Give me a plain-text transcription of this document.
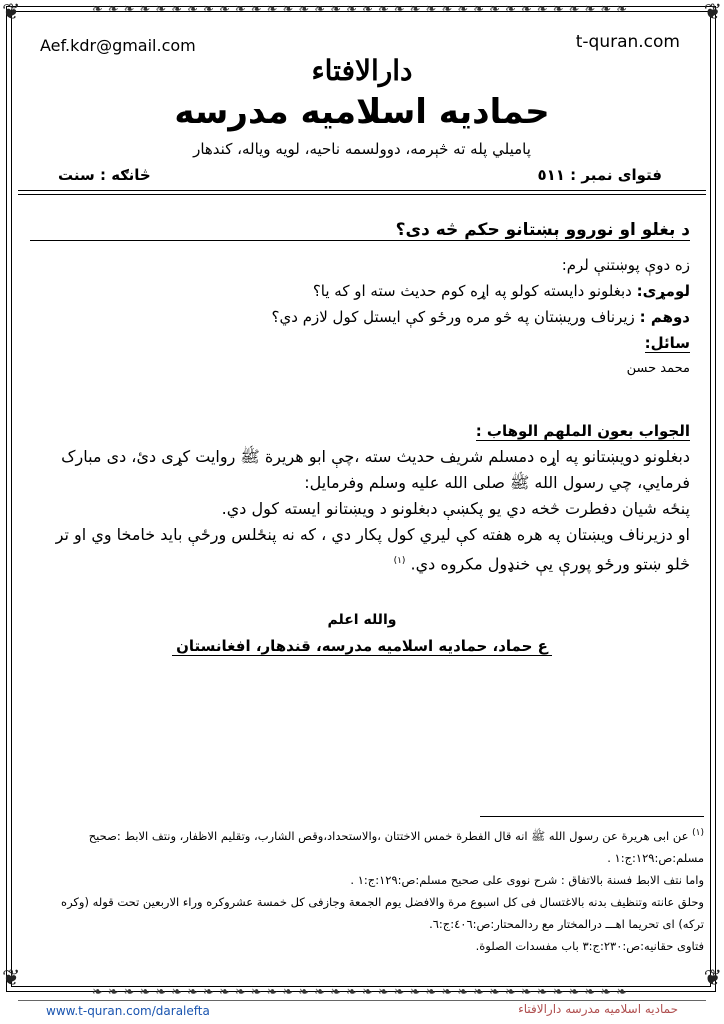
❦	❦
❦	❦
❧❧❧❧❧❧❧❧❧❧❧❧❧❧❧❧❧❧❧❧❧❧❧❧❧❧❧❧❧❧❧❧❧❧
Aef.kdr@gmail.com	t-quran.com
دارالافتاء
حمادیه اسلامیه مدرسه
پامیلي پله ته څېرمه، دوولسمه ناحیه، لویه ویاله، کندهار
فتوای نمبر : ٥١١
څانګه : سنت
د بغلو او نوروو ېښتانو حکم څه دی؟
زه دوې پوښتنې لرم:
لومړی: دبغلونو دایسته کولو په اړه کوم حدیث سته او که یا؟
دوهم : زیرناف وریښتان په څو مره ورځو کې ایستل کول لازم دي؟
سائل:
محمد حسن
الجواب بعون الملهم الوهاب :
دبغلونو دویښتانو په اړه دمسلم شریف حدیث سته ،چې ابو هریرة ﷺ روایت کړی دئ، دی مبارک
فرمایي، چي رسول الله ﷺ صلی الله علیه وسلم وفرمایل:
پنځه شیان دفطرت څخه دي یو پکښې دبغلونو د ویښتانو ایسته کول دي.
او دزیرناف ویښتان په هره هفته کې لیري کول پکار دي ، که نه پنځلس ورځې باید خامخا وي او تر
څلو ښتو ورځو پورې یې خنډول مکروه دي. $^{(١)}$
والله اعلم
ع حماد، حمادیه اسلامیه مدرسه، قندهار، افغانستان
$^{(١)}$ عن ابی هریرة عن رسول الله ﷺ انه قال الفطرة خمس الاختتان ،والاستحداد،وقص الشارب، وتقلیم الاظفار، ونتف الابط :صحیح
مسلم:ص:١٢٩:ج:١ .
واما نتف الابط فسنة بالاتفاق : شرح نووی علی صحیح مسلم:ص:١٢٩:ج:١ .
وحلق عانته وتنظیف بدنه بالاغتسال فی کل اسبوع مرة والافضل یوم الجمعة وجازفی کل خمسة عشروکره وراء الاربعین تحت قوله (وکره
ترکه) ای تحریما اهـــ درالمختار مع ردالمحتار:ص:٤٠٦:ج:٦.
فتاوی حقانیه:ص:٢٣٠:ج:٣ باب مفسدات الصلوة.
❧❧❧❧❧❧❧❧❧❧❧❧❧❧❧❧❧❧❧❧❧❧❧❧❧❧❧❧❧❧❧❧❧❧
www.t-quran.com/daralefta	حمادیه اسلامیه مدرسه دارالافتاء
